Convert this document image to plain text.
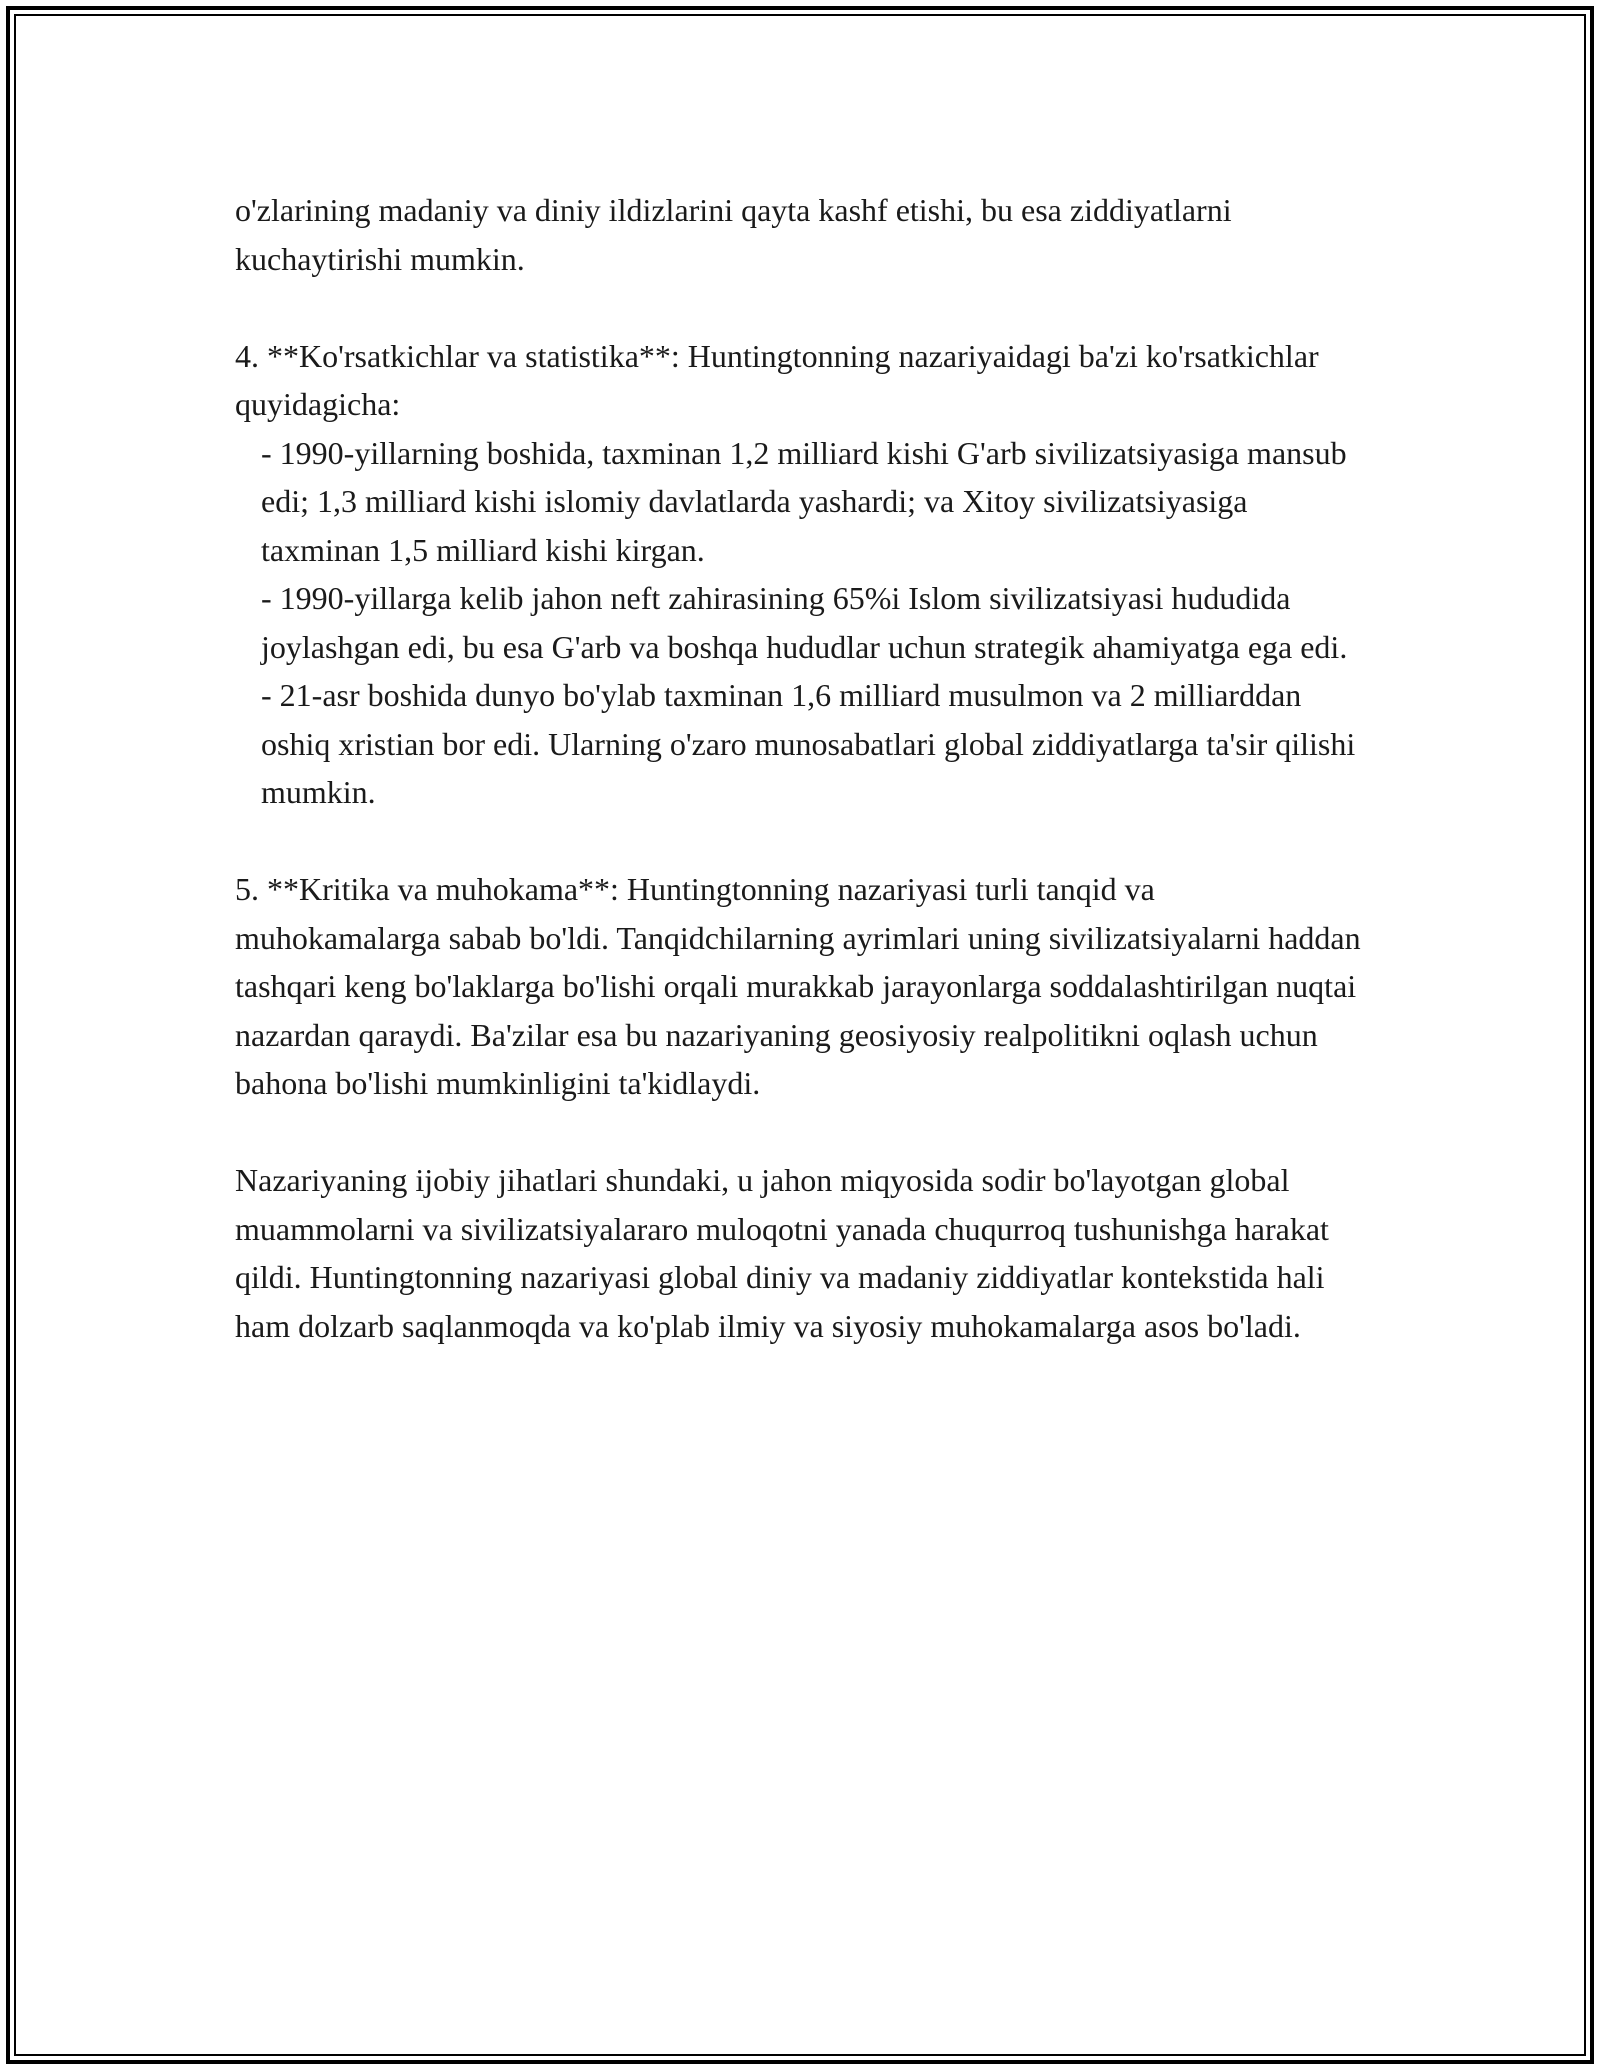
o'zlarining madaniy va diniy ildizlarini qayta kashf etishi, bu esa ziddiyatlarni kuchaytirishi mumkin.

4. **Ko'rsatkichlar va statistika**: Huntingtonning nazariyaidagi ba'zi ko'rsatkichlar quyidagicha:

- 1990-yillarning boshida, taxminan 1,2 milliard kishi G'arb sivilizatsiyasiga mansub edi; 1,3 milliard kishi islomiy davlatlarda yashardi; va Xitoy sivilizatsiyasiga taxminan 1,5 milliard kishi kirgan.

- 1990-yillarga kelib jahon neft zahirasining 65%i Islom sivilizatsiyasi hududida joylashgan edi, bu esa G'arb va boshqa hududlar uchun strategik ahamiyatga ega edi.

- 21-asr boshida dunyo bo'ylab taxminan 1,6 milliard musulmon va 2 milliarddan oshiq xristian bor edi. Ularning o'zaro munosabatlari global ziddiyatlarga ta'sir qilishi mumkin.

5. **Kritika va muhokama**: Huntingtonning nazariyasi turli tanqid va muhokamalarga sabab bo'ldi. Tanqidchilarning ayrimlari uning sivilizatsiyalarni haddan tashqari keng bo'laklarga bo'lishi orqali murakkab jarayonlarga soddalashtirilgan nuqtai nazardan qaraydi. Ba'zilar esa bu nazariyaning geosiyosiy realpolitikni oqlash uchun bahona bo'lishi mumkinligini ta'kidlaydi.

Nazariyaning ijobiy jihatlari shundaki, u jahon miqyosida sodir bo'layotgan global muammolarni va sivilizatsiyalararo muloqotni yanada chuqurroq tushunishga harakat qildi. Huntingtonning nazariyasi global diniy va madaniy ziddiyatlar kontekstida hali ham dolzarb saqlanmoqda va ko'plab ilmiy va siyosiy muhokamalarga asos bo'ladi.
